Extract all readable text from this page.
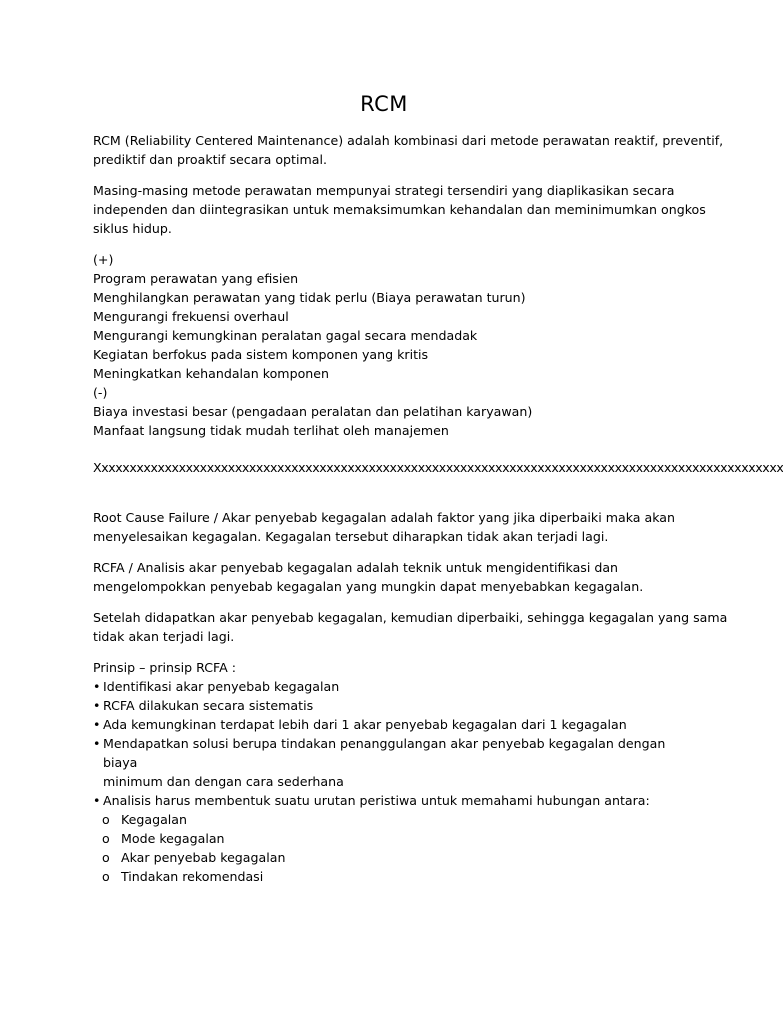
RCM
RCM (Reliability Centered Maintenance) adalah kombinasi dari metode perawatan reaktif, preventif,
prediktif dan proaktif secara optimal.
Masing-masing metode perawatan mempunyai strategi tersendiri yang diaplikasikan secara
independen dan diintegrasikan untuk memaksimumkan kehandalan dan meminimumkan ongkos
siklus hidup.
(+)
Program perawatan yang efisien
Menghilangkan perawatan yang tidak perlu (Biaya perawatan turun)
Mengurangi frekuensi overhaul
Mengurangi kemungkinan peralatan gagal secara mendadak
Kegiatan berfokus pada sistem komponen yang kritis
Meningkatkan kehandalan komponen
(-)
Biaya investasi besar (pengadaan peralatan dan pelatihan karyawan)
Manfaat langsung tidak mudah terlihat oleh manajemen
Xxxxxxxxxxxxxxxxxxxxxxxxxxxxxxxxxxxxxxxxxxxxxxxxxxxxxxxxxxxxxxxxxxxxxxxxxxxxxxxxxxxxxxxxxxxxxxxxxx
Root Cause Failure / Akar penyebab kegagalan adalah faktor yang jika diperbaiki maka akan
menyelesaikan kegagalan. Kegagalan tersebut diharapkan tidak akan terjadi lagi.
RCFA / Analisis akar penyebab kegagalan adalah teknik untuk mengidentifikasi dan
mengelompokkan penyebab kegagalan yang mungkin dapat menyebabkan kegagalan.
Setelah didapatkan akar penyebab kegagalan, kemudian diperbaiki, sehingga kegagalan yang sama
tidak akan terjadi lagi.
Prinsip – prinsip RCFA :
• Identifikasi akar penyebab kegagalan
• RCFA dilakukan secara sistematis
• Ada kemungkinan terdapat lebih dari 1 akar penyebab kegagalan dari 1 kegagalan
• Mendapatkan solusi berupa tindakan penanggulangan akar penyebab kegagalan dengan biaya
minimum dan dengan cara sederhana
• Analisis harus membentuk suatu urutan peristiwa untuk memahami hubungan antara:
o Kegagalan
o Mode kegagalan
o Akar penyebab kegagalan
o Tindakan rekomendasi
